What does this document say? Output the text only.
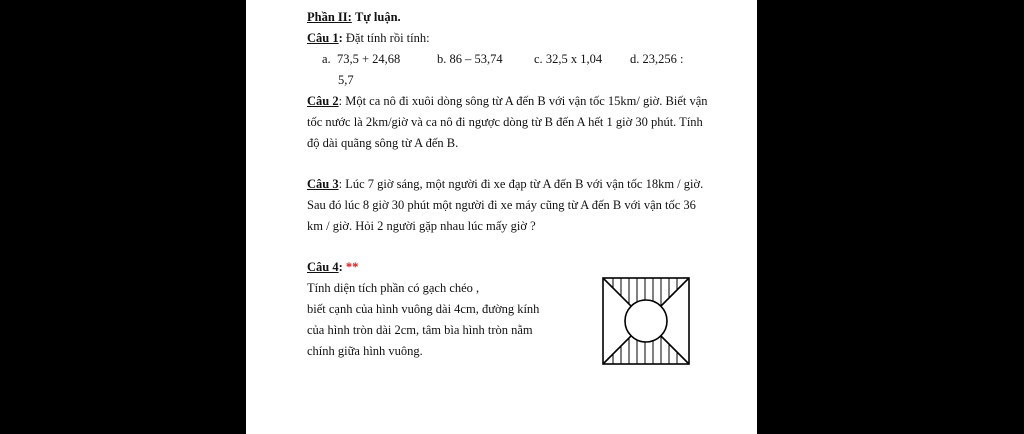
Phần II: Tự luận.
Câu 1: Đặt tính rồi tính:
a. 73,5 + 24,68	b. 86 – 53,74	c. 32,5 x 1,04 d. 23,256 :
5,7
Câu 2: Một ca nô đi xuôi dòng sông từ A đến B với vận tốc 15km/ giờ. Biết vận
tốc nước là 2km/giờ và ca nô đi ngược dòng từ B đến A hết 1 giờ 30 phút. Tính
độ dài quãng sông từ A đến B.
Câu 3: Lúc 7 giờ sáng, một người đi xe đạp từ A đến B với vận tốc 18km / giờ.
Sau đó lúc 8 giờ 30 phút một người đi xe máy cũng từ A đến B với vận tốc 36
km / giờ. Hỏi 2 người gặp nhau lúc mấy giờ ?
Câu 4: **
Tính diện tích phần có gạch chéo ,
biết cạnh của hình vuông dài 4cm, đường kính
của hình tròn dài 2cm, tâm bìa hình tròn nằm
chính giữa hình vuông.
